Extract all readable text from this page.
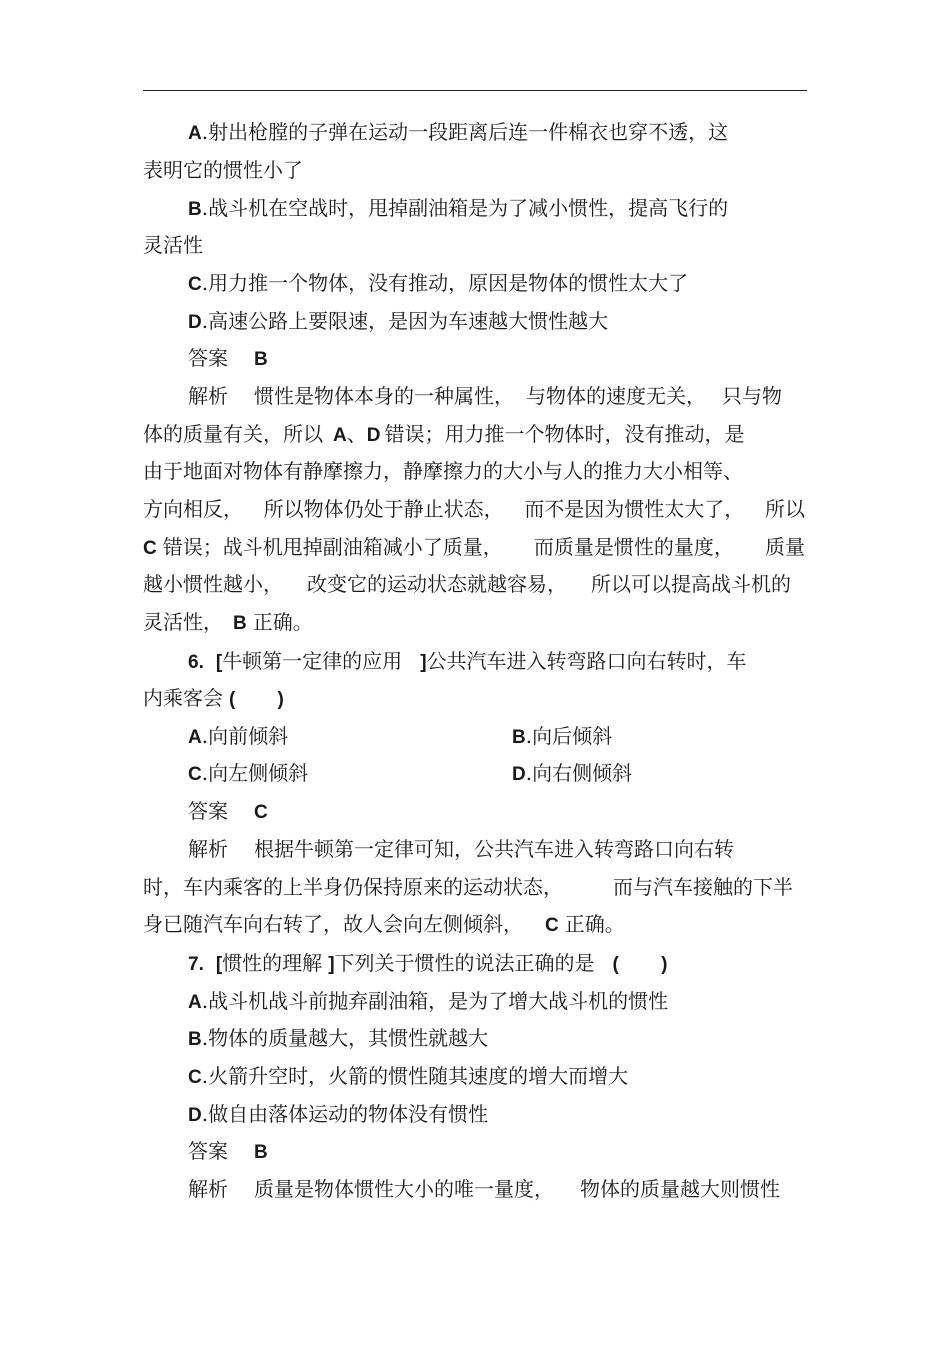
A.射出枪膛的子弹在运动一段距离后连一件棉衣也穿不透，这
表明它的惯性小了
B.战斗机在空战时，甩掉副油箱是为了减小惯性，提高飞行的
灵活性
C.用力推一个物体，没有推动，原因是物体的惯性太大了
D.高速公路上要限速，是因为车速越大惯性越大
答案 B
解析 惯性是物体本身的一种属性， 与物体的速度无关， 只与物
体的质量有关，所以 A、D 错误；用力推一个物体时，没有推动，是
由于地面对物体有静摩擦力，静摩擦力的大小与人的推力大小相等、
方向相反， 所以物体仍处于静止状态， 而不是因为惯性太大了， 所以
C 错误；战斗机甩掉副油箱减小了质量， 而质量是惯性的量度， 质量
越小惯性越小， 改变它的运动状态就越容易， 所以可以提高战斗机的
灵活性， B 正确。
6. [牛顿第一定律的应用 ]公共汽车进入转弯路口向右转时，车
内乘客会 (        )
A.向前倾斜	B.向后倾斜
C.向左侧倾斜	D.向右侧倾斜
答案 C
解析 根据牛顿第一定律可知，公共汽车进入转弯路口向右转
时，车内乘客的上半身仍保持原来的运动状态，	而与汽车接触的下半
身已随汽车向右转了，故人会向左侧倾斜， C 正确。
7. [惯性的理解 ]下列关于惯性的说法正确的是 (        )
A.战斗机战斗前抛弃副油箱，是为了增大战斗机的惯性
B.物体的质量越大，其惯性就越大
C.火箭升空时，火箭的惯性随其速度的增大而增大
D.做自由落体运动的物体没有惯性
答案 B
解析 质量是物体惯性大小的唯一量度， 物体的质量越大则惯性
